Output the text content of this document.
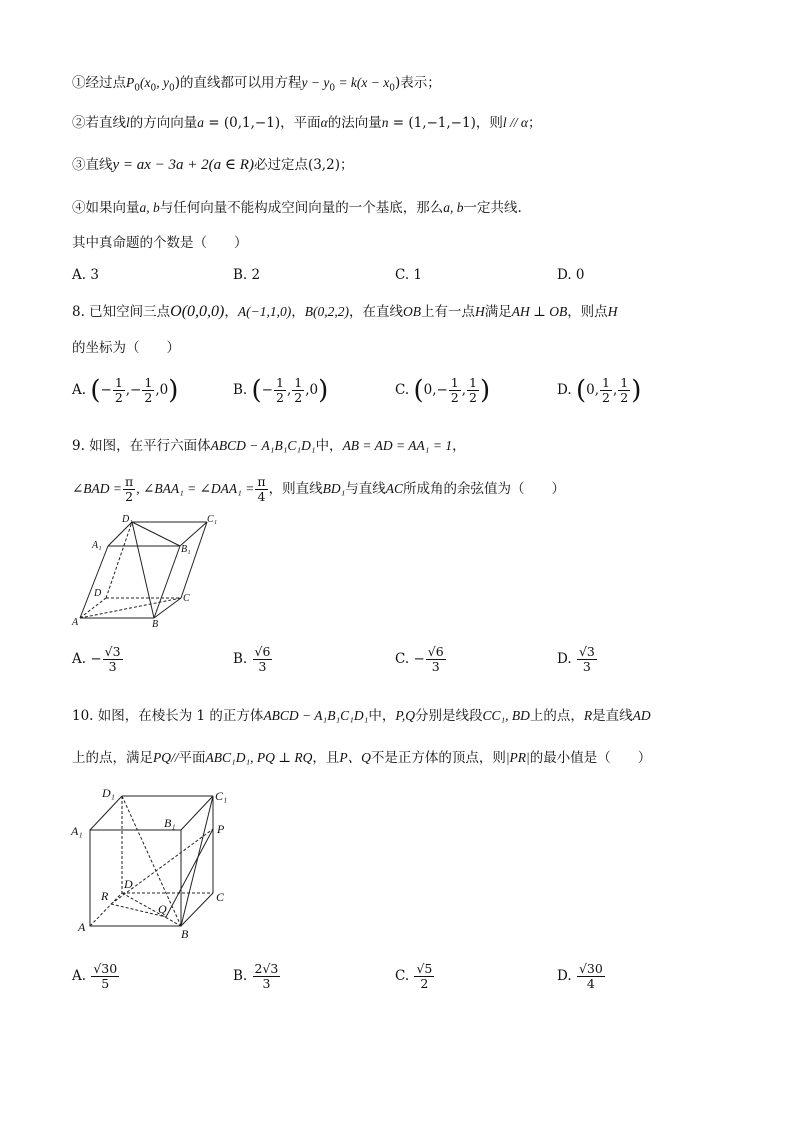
①经过点$P_0(x_0$, $y_0$)的直线都可以用方程$y - y_0 = k(x - x_0)$表示；
②若直线l的方向向量a = (0,1,−1)，平面α的法向量n = (1,−1,−1)，则l // α；
③直线y = ax − 3a + 2(a ∈ R)必过定点(3,2)；
④如果向量a, b与任何向量不能构成空间向量的一个基底，那么a, b一定共线.
其中真命题的个数是（　　）
A. 3	B. 2	C. 1	D. 0
8. 已知空间三点O(0,0,0)，A(−1,1,0)，B(0,2,2)，在直线OB上有一点H满足AH ⊥ OB，则点H
的坐标为（　　）
A. (− $\frac{1}{2}$ ,− $\frac{1}{2} ,0$)	B. (− $\frac{1}{2}$ , $\frac{1}{2} ,0$)	C. ($0,- \frac{1}{2}$ , $\frac{1}{2}$ )	D. (0, $\frac{1}{2}$ , $\frac{1}{2}$ )
9. 如图，在平行六面体ABCD − A₁B₁C₁D₁中，AB = AD = AA₁ = 1，
∠BAD = $\frac{\pi}{2}$ , ∠BAA₁ = ∠DAA₁ = $\frac{\pi}{4}$ ，则直线BD₁与直线AC所成角的余弦值为（　　）
D₁	C₁
A₁	B₁
D	C
A	B
A. − $\frac{√3}{3}$	B. $\frac{√6}{3}$	C. − $\frac{√6}{3}$	D. $\frac{√3}{3}$
10. 如图，在棱长为 1 的正方体ABCD − A₁B₁C₁D₁中，P,Q分别是线段CC₁, BD上的点，R是直线AD
上的点，满足PQ//平面ABC₁D₁, PQ ⊥ RQ，且P、Q不是正方体的顶点，则|PR|的最小值是（　　）
D₁	C₁
A₁
B₁	P
D
R	C
Q
A	B
A. $\frac{√30}{5}$	B. $\frac{2√3}{3}$	C. $\frac{√5}{2}$	D. $\frac{√30}{4}$
